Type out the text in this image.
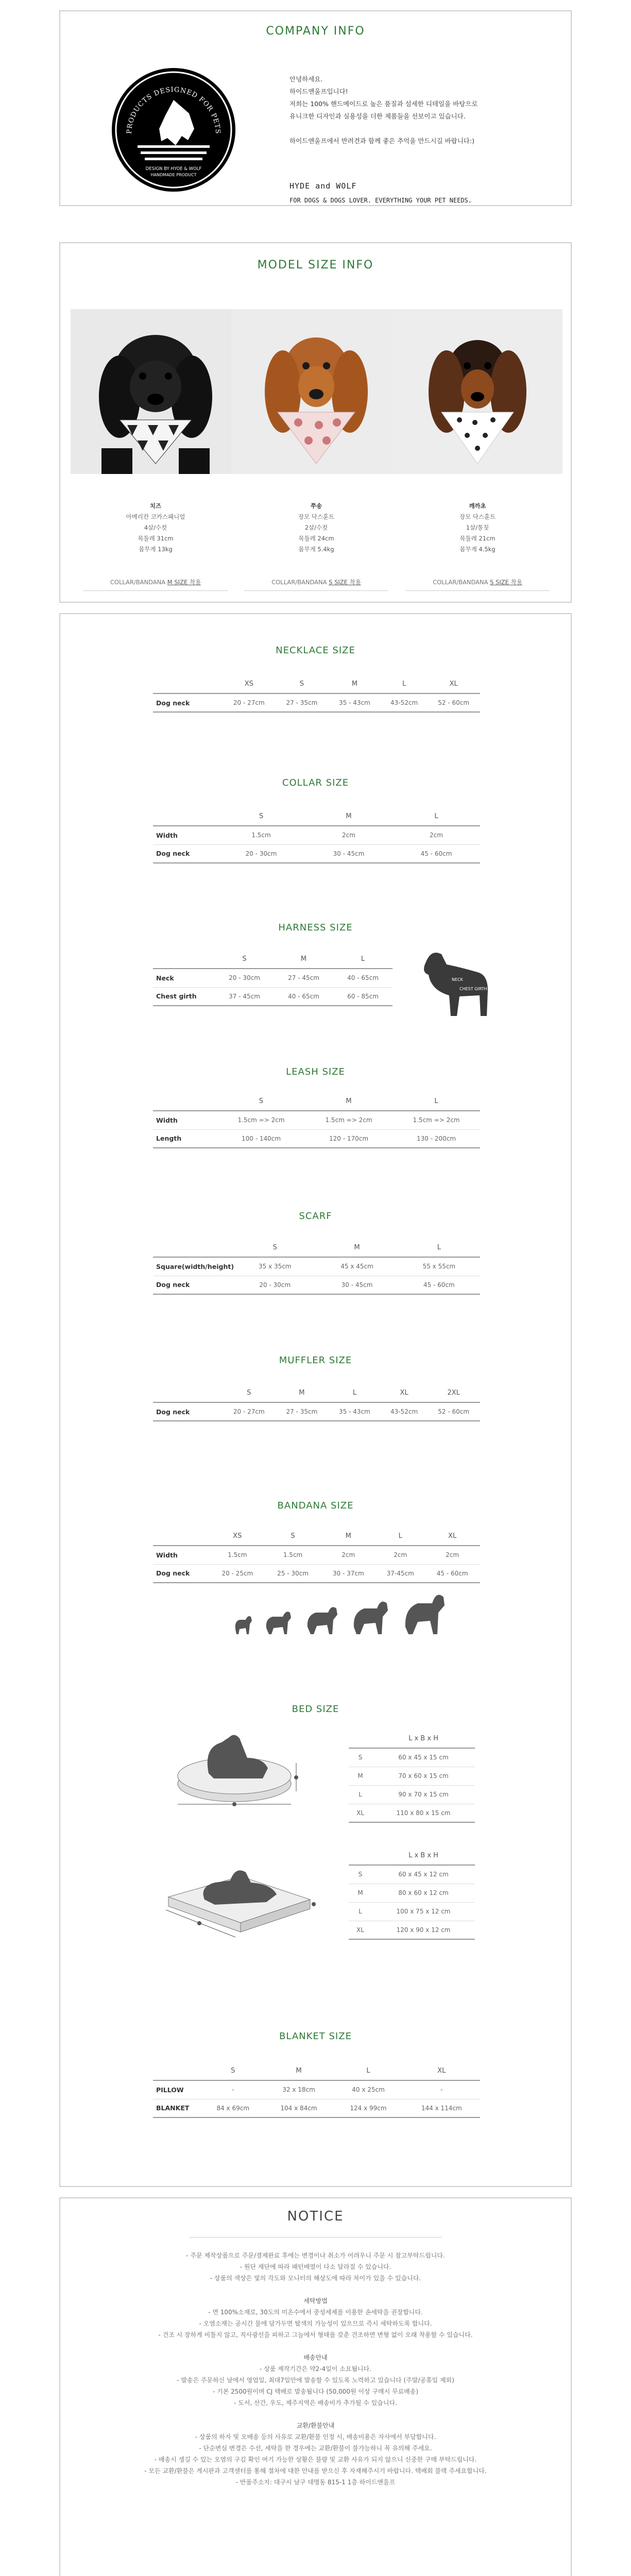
COMPANY INFO
PRODUCTS DESIGNED FOR PETS
DESIGN BY HYOE & WOLF
HANDMADE PRODUCT
안녕하세요.
하이드앤울프입니다!
저희는 100% 핸드메이드로 높은 품질과 섬세한 디테일을 바탕으로
유니크한 디자인과 실용성을 더한 제품들을 선보이고 있습니다.
하이드앤울프에서 반려견과 함께 좋은 추억을 만드시길 바랍니다:)
HYDE and WOLF
FOR DOGS & DOGS LOVER. EVERYTHING YOUR PET NEEDS.
MODEL SIZE INFO
치즈
아메리칸 코카스패니얼
4살/수컷
목둘레 31cm
몸무게 13kg
쭈송
장모 닥스훈트
2살/수컷
목둘레 24cm
몸무게 5.4kg
깨까초
장모 닥스훈트
1살/통칫
목둘레 21cm
몸무게 4.5kg
COLLAR/BANDANA M SIZE 착용	COLLAR/BANDANA S SIZE 착용	COLLAR/BANDANA S SIZE 착용
NECKLACE SIZE
	XS	S	M	L	XL
Dog neck	20 - 27cm	27 - 35cm	35 - 43cm	43-52cm	52 - 60cm
COLLAR SIZE
	S	M	L
Width	1.5cm	2cm	2cm
Dog neck	20 - 30cm	30 - 45cm	45 - 60cm
HARNESS SIZE
	S	M	L
Neck	20 - 30cm	27 - 45cm	40 - 65cm
Chest girth	37 - 45cm	40 - 65cm	60 - 85cm
NECK
CHEST GIRTH
LEASH SIZE
	S	M	L
Width	1.5cm => 2cm	1.5cm => 2cm	1.5cm => 2cm
Length	100 - 140cm	120 - 170cm	130 - 200cm
SCARF
	S	M	L
Square(width/height)	35 x 35cm	45 x 45cm	55 x 55cm
Dog neck	20 - 30cm	30 - 45cm	45 - 60cm
MUFFLER SIZE
	S	M	L	XL	2XL
Dog neck	20 - 27cm	27 - 35cm	35 - 43cm	43-52cm	52 - 60cm
BANDANA SIZE
	XS	S	M	L	XL
Width	1.5cm	1.5cm	2cm	2cm	2cm
Dog neck	20 - 25cm	25 - 30cm	30 - 37cm	37-45cm	45 - 60cm
BED SIZE
	L x B x H
S	60 x 45 x 15 cm
M	70 x 60 x 15 cm
L	90 x 70 x 15 cm
XL	110 x 80 x 15 cm
	L x B x H
S	60 x 45 x 12 cm
M	80 x 60 x 12 cm
L	100 x 75 x 12 cm
XL	120 x 90 x 12 cm
BLANKET SIZE
	S	M	L	XL
PILLOW	-	32 x 18cm	40 x 25cm	-
BLANKET	84 x 69cm	104 x 84cm	124 x 99cm	144 x 114cm
NOTICE
- 주문 제작상품으로 주문/결제완료 후에는 변경이나 취소가 어려우니 주문 시 참고부탁드립니다.
- 원단 재단에 따라 패턴배열이 다소 달라질 수 있습니다.
- 상품의 색상은 빛의 각도와 모니터의 해상도에 따라 차이가 있을 수 있습니다.
세탁방법
- 면 100%소재로, 30도의 미온수에서 중성세제를 이용한 손세탁을 권장합니다.
- 오염소재는 공시간 물에 담가두면 탈색의 가능성이 있으므로 즉시 세탁하도록 합니다.
- 건조 시 장하게 비틀지 않고, 직사광선을 피하고 그늘에서 형태를 갖춘 건조하면 변형 없이 오래 착용할 수 있습니다.
배송안내
- 상품 제작기간은 약2-4일이 소요됩니다.
- 발송은 주문하신 날에서 영업일, 최대7일안에 발송할 수 있도록 노력하고 있습니다 (주말/공휴일 제외)
- 기본 2500원이며 CJ 택배로 발송됩니다 (50,000원 이상 구매시 무료배송)
- 도서, 산간, 우도, 제주지역은 배송비가 추가될 수 있습니다.
교환/환불안내
- 상품의 하자 및 오배송 등의 사유로 교환/환불 인정 시, 배송비용은 자사에서 부담합니다.
- 단순변심 변경은 수선, 세탁을 한 경우에는 교환/환불이 불가능하니 꼭 유의해 주세요.
- 배송시 생길 수 있는 오염의 구김 확인 여기 가능한 상황은 불량 및 교환 사유가 되지 않으니 신중한 구매 부탁드립니다.
- 모든 교환/환불은 게시판과 고객센터를 통해 절차에 대한 안내를 받으신 후 자재해주시기 바랍니다. 택배회 블랙 주세요합니다.
- 반품주소지: 대구시 남구 대명동 815-1 1층 하이드앤울프
